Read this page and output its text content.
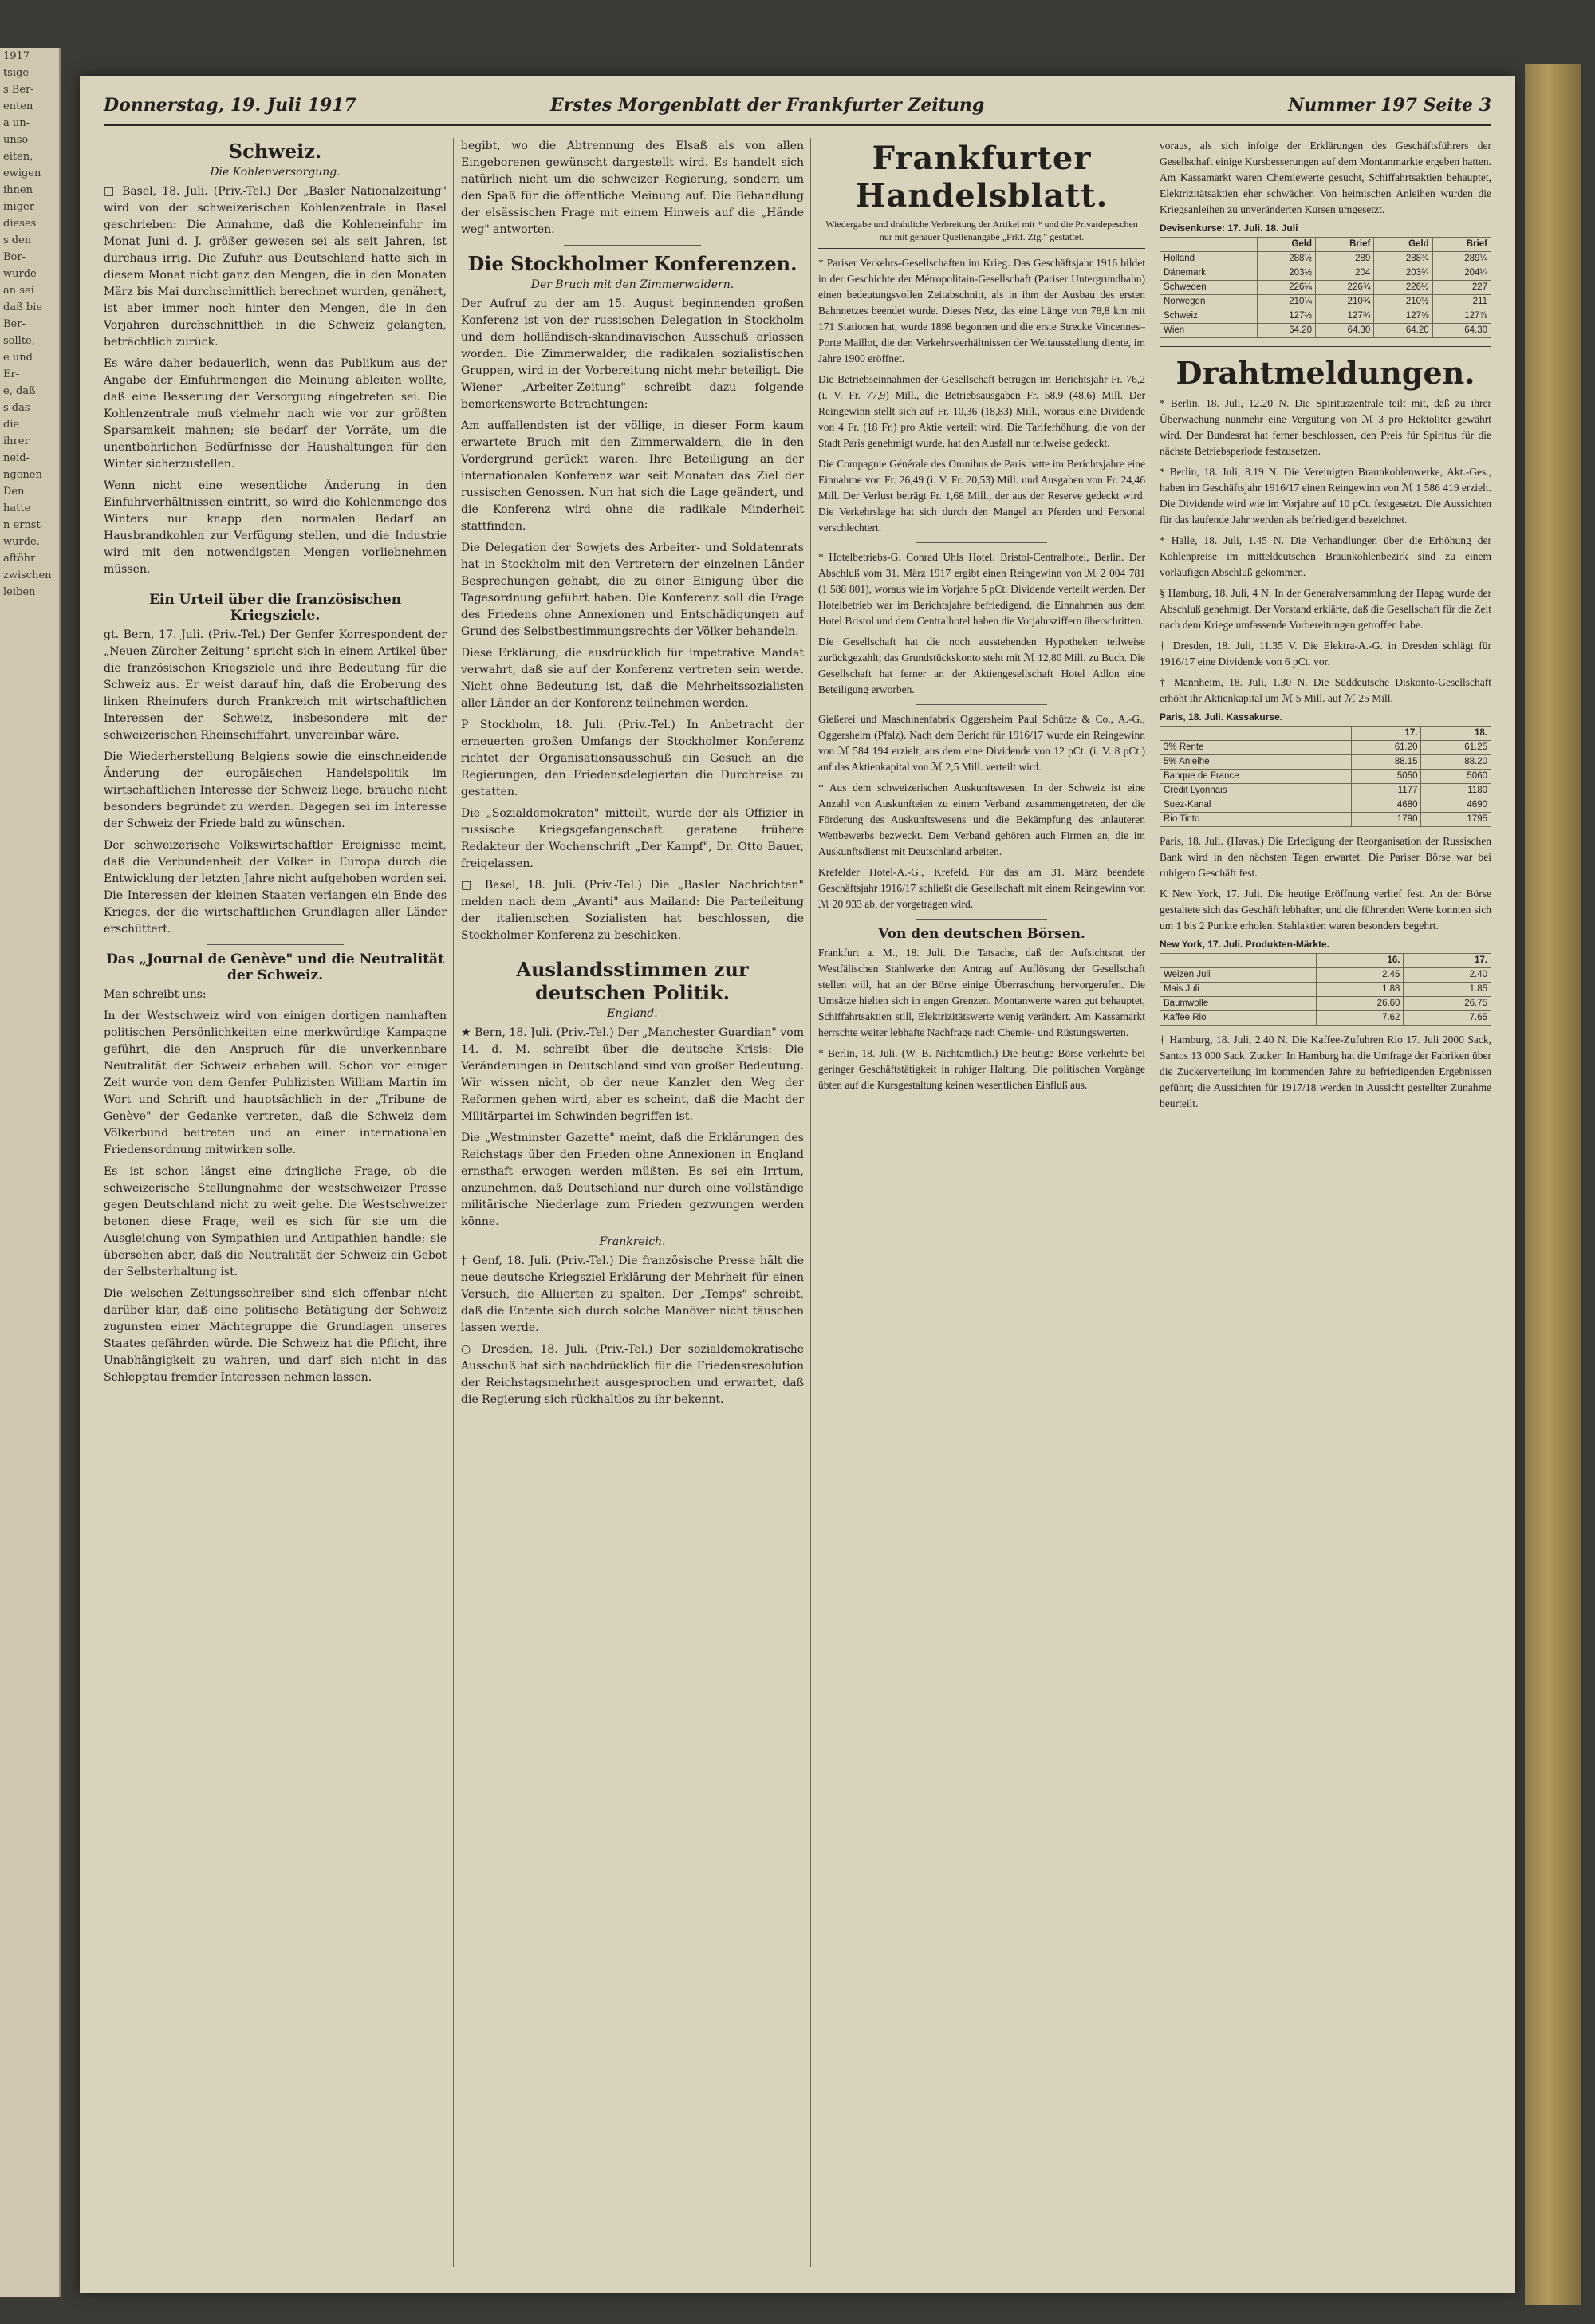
1917
tsige
s Ber-
enten
a un-
unso-
eiten,
ewigen
ihnen
iniger
dieses
s den
Bor-
wurde
an sei
daß bie
Ber-
sollte,
e und
Er-
e, daß
s das
die
ihrer
neid-
ngenen
Den
hatte
n ernst
wurde.
aftöhr
zwischen
leiben
Donnerstag, 19. Juli 1917	Erstes Morgenblatt der Frankfurter Zeitung	Nummer 197 Seite 3
Schweiz.
Die Kohlenversorgung.

□ Basel, 18. Juli. (Priv.-Tel.) Der „Basler Nationalzeitung" wird von der schweizerischen Kohlenzentrale in Basel geschrieben: Die Annahme, daß die Kohleneinfuhr im Monat Juni d. J. größer gewesen sei als seit Jahren, ist durchaus irrig. Die Zufuhr aus Deutschland hatte sich in diesem Monat nicht ganz den Mengen, die in den Monaten März bis Mai durchschnittlich berechnet wurden, genähert, ist aber immer noch hinter den Mengen, die in den Vorjahren durchschnittlich in die Schweiz gelangten, beträchtlich zurück.

Es wäre daher bedauerlich, wenn das Publikum aus der Angabe der Einfuhrmengen die Meinung ableiten wollte, daß eine Besserung der Versorgung eingetreten sei. Die Kohlenzentrale muß vielmehr nach wie vor zur größten Sparsamkeit mahnen; sie bedarf der Vorräte, um die unentbehrlichen Bedürfnisse der Haushaltungen für den Winter sicherzustellen.

Wenn nicht eine wesentliche Änderung in den Einfuhrverhältnissen eintritt, so wird die Kohlenmenge des Winters nur knapp den normalen Bedarf an Hausbrandkohlen zur Verfügung stellen, und die Industrie wird mit den notwendigsten Mengen vorliebnehmen müssen.

Ein Urteil über die französischen Kriegsziele.

gt. Bern, 17. Juli. (Priv.-Tel.) Der Genfer Korrespondent der „Neuen Zürcher Zeitung" spricht sich in einem Artikel über die französischen Kriegsziele und ihre Bedeutung für die Schweiz aus. Er weist darauf hin, daß die Eroberung des linken Rheinufers durch Frankreich mit wirtschaftlichen Interessen der Schweiz, insbesondere mit der schweizerischen Rheinschiffahrt, unvereinbar wäre.

Die Wiederherstellung Belgiens sowie die einschneidende Änderung der europäischen Handelspolitik im wirtschaftlichen Interesse der Schweiz liege, brauche nicht besonders begründet zu werden. Dagegen sei im Interesse der Schweiz der Friede bald zu wünschen.

Der schweizerische Volkswirtschaftler Ereignisse meint, daß die Verbundenheit der Völker in Europa durch die Entwicklung der letzten Jahre nicht aufgehoben worden sei. Die Interessen der kleinen Staaten verlangen ein Ende des Krieges, der die wirtschaftlichen Grundlagen aller Länder erschüttert.

Das „Journal de Genève" und die Neutralität der Schweiz.

Man schreibt uns:

In der Westschweiz wird von einigen dortigen namhaften politischen Persönlichkeiten eine merkwürdige Kampagne geführt, die den Anspruch für die unverkennbare Neutralität der Schweiz erheben will. Schon vor einiger Zeit wurde von dem Genfer Publizisten William Martin im Wort und Schrift und hauptsächlich in der „Tribune de Genève" der Gedanke vertreten, daß die Schweiz dem Völkerbund beitreten und an einer internationalen Friedensordnung mitwirken solle.

Es ist schon längst eine dringliche Frage, ob die schweizerische Stellungnahme der westschweizer Presse gegen Deutschland nicht zu weit gehe. Die Westschweizer betonen diese Frage, weil es sich für sie um die Ausgleichung von Sympathien und Antipathien handle; sie übersehen aber, daß die Neutralität der Schweiz ein Gebot der Selbsterhaltung ist.

Die welschen Zeitungsschreiber sind sich offenbar nicht darüber klar, daß eine politische Betätigung der Schweiz zugunsten einer Mächtegruppe die Grundlagen unseres Staates gefährden würde. Die Schweiz hat die Pflicht, ihre Unabhängigkeit zu wahren, und darf sich nicht in das Schlepptau fremder Interessen nehmen lassen.

begibt, wo die Abtrennung des Elsaß als von allen Eingeborenen gewünscht dargestellt wird. Es handelt sich natürlich nicht um die schweizer Regierung, sondern um den Spaß für die öffentliche Meinung auf. Die Behandlung der elsässischen Frage mit einem Hinweis auf die „Hände weg" antworten.

Die Stockholmer Konferenzen.
Der Bruch mit den Zimmerwaldern.

Der Aufruf zu der am 15. August beginnenden großen Konferenz ist von der russischen Delegation in Stockholm und dem holländisch-skandinavischen Ausschuß erlassen worden. Die Zimmerwalder, die radikalen sozialistischen Gruppen, wird in der Vorbereitung nicht mehr beteiligt. Die Wiener „Arbeiter-Zeitung" schreibt dazu folgende bemerkenswerte Betrachtungen:

Am auffallendsten ist der völlige, in dieser Form kaum erwartete Bruch mit den Zimmerwaldern, die in den Vordergrund gerückt waren. Ihre Beteiligung an der internationalen Konferenz war seit Monaten das Ziel der russischen Genossen. Nun hat sich die Lage geändert, und die Konferenz wird ohne die radikale Minderheit stattfinden.

Die Delegation der Sowjets des Arbeiter- und Soldatenrats hat in Stockholm mit den Vertretern der einzelnen Länder Besprechungen gehabt, die zu einer Einigung über die Tagesordnung geführt haben. Die Konferenz soll die Frage des Friedens ohne Annexionen und Entschädigungen auf Grund des Selbstbestimmungsrechts der Völker behandeln.

Diese Erklärung, die ausdrücklich für impetrative Mandat verwahrt, daß sie auf der Konferenz vertreten sein werde. Nicht ohne Bedeutung ist, daß die Mehrheitssozialisten aller Länder an der Konferenz teilnehmen werden.

P Stockholm, 18. Juli. (Priv.-Tel.) In Anbetracht der erneuerten großen Umfangs der Stockholmer Konferenz richtet der Organisationsausschuß ein Gesuch an die Regierungen, den Friedensdelegierten die Durchreise zu gestatten.

Die „Sozialdemokraten" mitteilt, wurde der als Offizier in russische Kriegsgefangenschaft geratene frühere Redakteur der Wochenschrift „Der Kampf", Dr. Otto Bauer, freigelassen.

□ Basel, 18. Juli. (Priv.-Tel.) Die „Basler Nachrichten" melden nach dem „Avanti" aus Mailand: Die Parteileitung der italienischen Sozialisten hat beschlossen, die Stockholmer Konferenz zu beschicken.

Auslandsstimmen zur deutschen Politik.
England.

★ Bern, 18. Juli. (Priv.-Tel.) Der „Manchester Guardian" vom 14. d. M. schreibt über die deutsche Krisis: Die Veränderungen in Deutschland sind von großer Bedeutung. Wir wissen nicht, ob der neue Kanzler den Weg der Reformen gehen wird, aber es scheint, daß die Macht der Militärpartei im Schwinden begriffen ist.

Die „Westminster Gazette" meint, daß die Erklärungen des Reichstags über den Frieden ohne Annexionen in England ernsthaft erwogen werden müßten. Es sei ein Irrtum, anzunehmen, daß Deutschland nur durch eine vollständige militärische Niederlage zum Frieden gezwungen werden könne.

Frankreich.

† Genf, 18. Juli. (Priv.-Tel.) Die französische Presse hält die neue deutsche Kriegsziel-Erklärung der Mehrheit für einen Versuch, die Alliierten zu spalten. Der „Temps" schreibt, daß die Entente sich durch solche Manöver nicht täuschen lassen werde.

○ Dresden, 18. Juli. (Priv.-Tel.) Der sozialdemokratische Ausschuß hat sich nachdrücklich für die Friedensresolution der Reichstagsmehrheit ausgesprochen und erwartet, daß die Regierung sich rückhaltlos zu ihr bekennt.

Frankfurter Handelsblatt.
Wiedergabe und drahtliche Verbreitung der Artikel mit * und die Privatdepeschen nur mit genauer Quellenangabe „Frkf. Ztg." gestattet.

* Pariser Verkehrs-Gesellschaften im Krieg. Das Geschäftsjahr 1916 bildet in der Geschichte der Métropolitain-Gesellschaft (Pariser Untergrundbahn) einen bedeutungsvollen Zeitabschnitt, als in ihm der Ausbau des ersten Bahnnetzes beendet wurde. Dieses Netz, das eine Länge von 78,8 km mit 171 Stationen hat, wurde 1898 begonnen und die erste Strecke Vincennes–Porte Maillot, die den Verkehrsverhältnissen der Weltausstellung diente, im Jahre 1900 eröffnet.

Die Betriebseinnahmen der Gesellschaft betrugen im Berichtsjahr Fr. 76,2 (i. V. Fr. 77,9) Mill., die Betriebsausgaben Fr. 58,9 (48,6) Mill. Der Reingewinn stellt sich auf Fr. 10,36 (18,83) Mill., woraus eine Dividende von 4 Fr. (18 Fr.) pro Aktie verteilt wird. Die Tariferhöhung, die von der Stadt Paris genehmigt wurde, hat den Ausfall nur teilweise gedeckt.

Die Compagnie Générale des Omnibus de Paris hatte im Berichtsjahre eine Einnahme von Fr. 26,49 (i. V. Fr. 20,53) Mill. und Ausgaben von Fr. 24,46 Mill. Der Verlust beträgt Fr. 1,68 Mill., der aus der Reserve gedeckt wird. Die Verkehrslage hat sich durch den Mangel an Pferden und Personal verschlechtert.

* Hotelbetriebs-G. Conrad Uhls Hotel. Bristol-Centralhotel, Berlin. Der Abschluß vom 31. März 1917 ergibt einen Reingewinn von ℳ 2 004 781 (1 588 801), woraus wie im Vorjahre 5 pCt. Dividende verteilt werden. Der Hotelbetrieb war im Berichtsjahre befriedigend, die Einnahmen aus dem Hotel Bristol und dem Centralhotel haben die Vorjahrsziffern überschritten.

Die Gesellschaft hat die noch ausstehenden Hypotheken teilweise zurückgezahlt; das Grundstückskonto steht mit ℳ 12,80 Mill. zu Buch. Die Gesellschaft hat ferner an der Aktiengesellschaft Hotel Adlon eine Beteiligung erworben.

Gießerei und Maschinenfabrik Oggersheim Paul Schütze & Co., A.-G., Oggersheim (Pfalz). Nach dem Bericht für 1916/17 wurde ein Reingewinn von ℳ 584 194 erzielt, aus dem eine Dividende von 12 pCt. (i. V. 8 pCt.) auf das Aktienkapital von ℳ 2,5 Mill. verteilt wird.

* Aus dem schweizerischen Auskunftswesen. In der Schweiz ist eine Anzahl von Auskunfteien zu einem Verband zusammengetreten, der die Förderung des Auskunftswesens und die Bekämpfung des unlauteren Wettbewerbs bezweckt. Dem Verband gehören auch Firmen an, die im Auskunftsdienst mit Deutschland arbeiten.

Krefelder Hotel-A.-G., Krefeld. Für das am 31. März beendete Geschäftsjahr 1916/17 schließt die Gesellschaft mit einem Reingewinn von ℳ 20 933 ab, der vorgetragen wird.

Von den deutschen Börsen.

Frankfurt a. M., 18. Juli. Die Tatsache, daß der Aufsichtsrat der Westfälischen Stahlwerke den Antrag auf Auflösung der Gesellschaft stellen will, hat an der Börse einige Überraschung hervorgerufen. Die Umsätze hielten sich in engen Grenzen. Montanwerte waren gut behauptet, Schiffahrtsaktien still, Elektrizitätswerte wenig verändert. Am Kassamarkt herrschte weiter lebhafte Nachfrage nach Chemie- und Rüstungswerten.

* Berlin, 18. Juli. (W. B. Nichtamtlich.) Die heutige Börse verkehrte bei geringer Geschäftstätigkeit in ruhiger Haltung. Die politischen Vorgänge übten auf die Kursgestaltung keinen wesentlichen Einfluß aus.

voraus, als sich infolge der Erklärungen des Geschäftsführers der Gesellschaft einige Kursbesserungen auf dem Montanmarkte ergeben hatten. Am Kassamarkt waren Chemiewerte gesucht, Schiffahrtsaktien behauptet, Elektrizitätsaktien eher schwächer. Von heimischen Anleihen wurden die Kriegsanleihen zu unveränderten Kursen umgesetzt.

Devisenkurse: 17. Juli. 18. Juli
	Geld	Brief	Geld	Brief
Holland	288½	289	288¾	289¼
Dänemark	203½	204	203¾	204¼
Schweden	226¼	226¾	226½	227
Norwegen	210¼	210¾	210½	211
Schweiz	127½	127¾	127⅝	127⅞
Wien	64.20	64.30	64.20	64.30
Drahtmeldungen.

* Berlin, 18. Juli, 12.20 N. Die Spirituszentrale teilt mit, daß zu ihrer Überwachung nunmehr eine Vergütung von ℳ 3 pro Hektoliter gewährt wird. Der Bundesrat hat ferner beschlossen, den Preis für Spiritus für die nächste Betriebsperiode festzusetzen.

* Berlin, 18. Juli, 8.19 N. Die Vereinigten Braunkohlenwerke, Akt.-Ges., haben im Geschäftsjahr 1916/17 einen Reingewinn von ℳ 1 586 419 erzielt. Die Dividende wird wie im Vorjahre auf 10 pCt. festgesetzt. Die Aussichten für das laufende Jahr werden als befriedigend bezeichnet.

* Halle, 18. Juli, 1.45 N. Die Verhandlungen über die Erhöhung der Kohlenpreise im mitteldeutschen Braunkohlenbezirk sind zu einem vorläufigen Abschluß gekommen.

§ Hamburg, 18. Juli, 4 N. In der Generalversammlung der Hapag wurde der Abschluß genehmigt. Der Vorstand erklärte, daß die Gesellschaft für die Zeit nach dem Kriege umfassende Vorbereitungen getroffen habe.

† Dresden, 18. Juli, 11.35 V. Die Elektra-A.-G. in Dresden schlägt für 1916/17 eine Dividende von 6 pCt. vor.

† Mannheim, 18. Juli, 1.30 N. Die Süddeutsche Diskonto-Gesellschaft erhöht ihr Aktienkapital um ℳ 5 Mill. auf ℳ 25 Mill.

Paris, 18. Juli. Kassakurse.
	17.	18.
3% Rente	61.20	61.25
5% Anleihe	88.15	88.20
Banque de France	5050	5060
Crédit Lyonnais	1177	1180
Suez-Kanal	4680	4690
Rio Tinto	1790	1795

Paris, 18. Juli. (Havas.) Die Erledigung der Reorganisation der Russischen Bank wird in den nächsten Tagen erwartet. Die Pariser Börse war bei ruhigem Geschäft fest.

K New York, 17. Juli. Die heutige Eröffnung verlief fest. An der Börse gestaltete sich das Geschäft lebhafter, und die führenden Werte konnten sich um 1 bis 2 Punkte erholen. Stahlaktien waren besonders begehrt.

New York, 17. Juli. Produkten-Märkte.
	16.	17.
Weizen Juli	2.45	2.40
Mais Juli	1.88	1.85
Baumwolle	26.60	26.75
Kaffee Rio	7.62	7.65

† Hamburg, 18. Juli, 2.40 N. Die Kaffee-Zufuhren Rio 17. Juli 2000 Sack, Santos 13 000 Sack. Zucker: In Hamburg hat die Umfrage der Fabriken über die Zuckerverteilung im kommenden Jahre zu befriedigenden Ergebnissen geführt; die Aussichten für 1917/18 werden in Aussicht gestellter Zunahme beurteilt.
